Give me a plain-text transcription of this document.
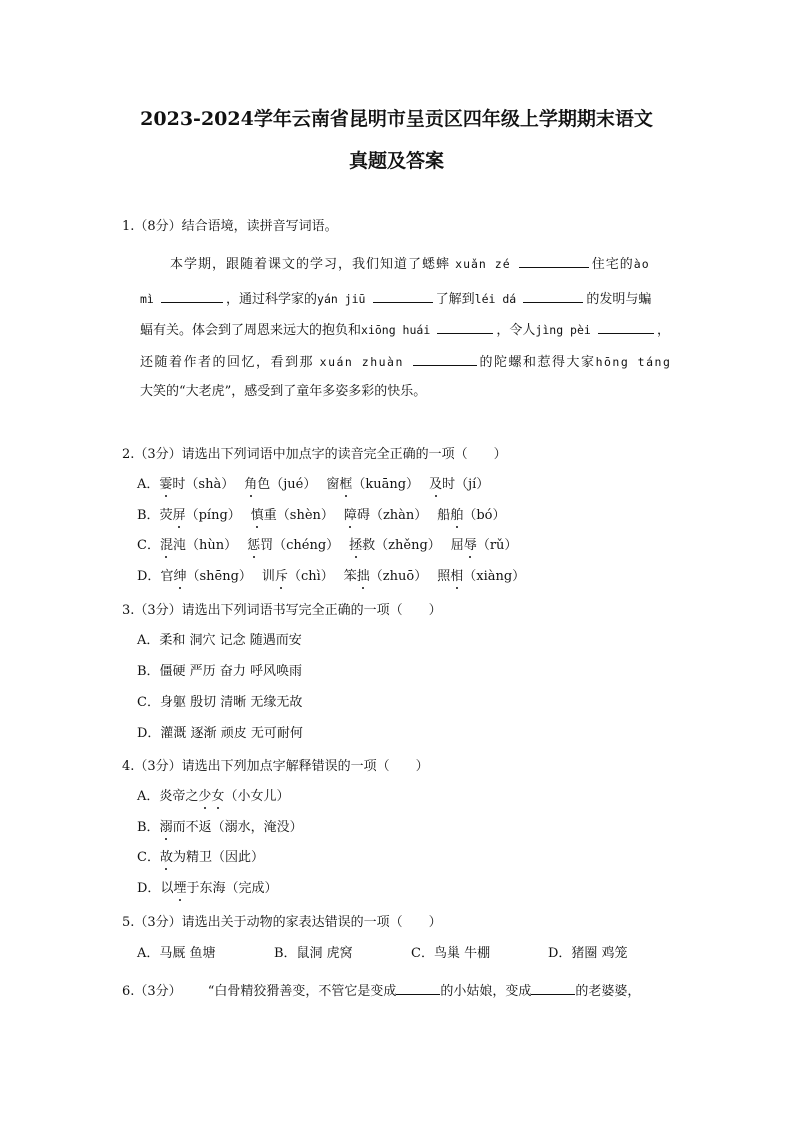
2023-2024学年云南省昆明市呈贡区四年级上学期期末语文
真题及答案
1.（8分）结合语境，读拼音写词语。
本学期，跟随着课文的学习，我们知道了蟋蟀 xuǎn zé	住宅的ào
mì	，通过科学家的yán jiū	了解到léi dá	的发明与蝙
蝠有关。体会到了周恩来远大的抱负和xiōng huái	，令人jìng pèi	，
还随着作者的回忆，看到那 xuán zhuàn	的陀螺和惹得大家hōng táng
大笑的“大老虎”，感受到了童年多姿多彩的快乐。
2.（3分）请选出下列词语中加点字的读音完全正确的一项（　　）
A．霎时（shà） 角色（jué） 窗框（kuāng） 及时（jí）
B．荧屏（píng） 慎重（shèn） 障碍（zhàn） 船舶（bó）
C．混沌（hùn） 惩罚（chéng） 拯救（zhěng） 屈辱（rǔ）
D．官绅（shēng） 训斥（chì） 笨拙（zhuō） 照相（xiàng）
3.（3分）请选出下列词语书写完全正确的一项（　　）
A．柔和 洞穴 记念 随遇而安
B．僵硬 严历 奋力 呼风唤雨
C．身躯 殷切 清晰 无缘无故
D．灌溉 逐渐 顽皮 无可耐何
4.（3分）请选出下列加点字解释错误的一项（　　）
A．炎帝之少女（小女儿）
B．溺而不返（溺水，淹没）
C．故为精卫（因此）
D．以堙于东海（完成）
5.（3分）请选出关于动物的家表达错误的一项（　　）
A．马厩 鱼塘	B．鼠洞 虎窝	C．鸟巢 牛棚	D．猪圈 鸡笼
6.（3分） “白骨精狡猾善变，不管它是变成	的小姑娘，变成	的老婆婆，
